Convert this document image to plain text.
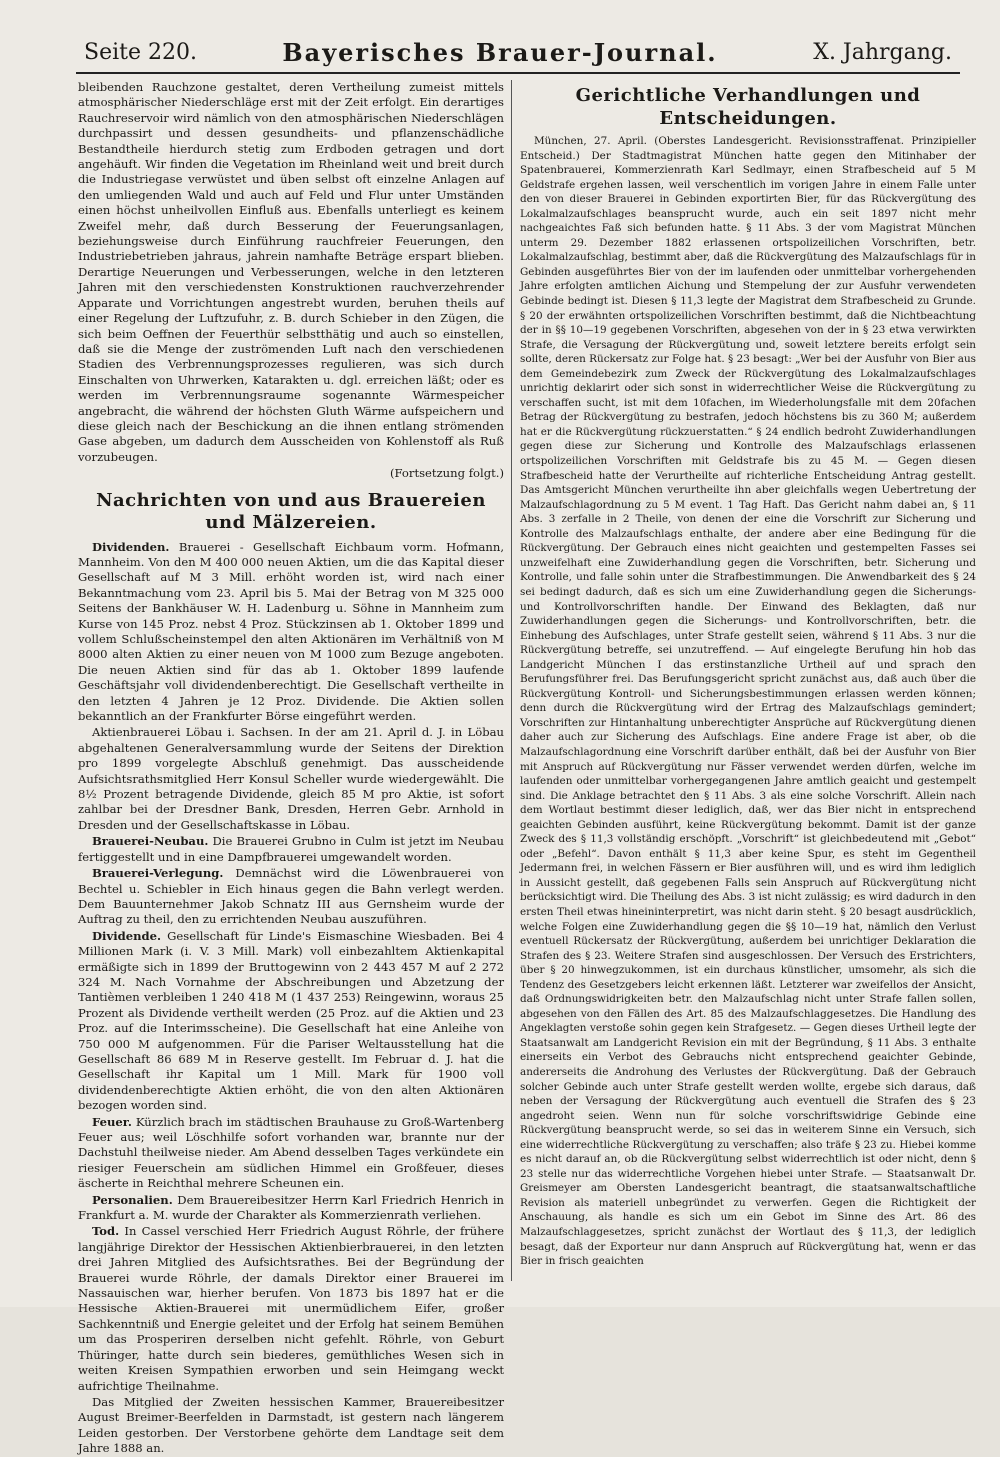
Seite 220.	Bayerisches Brauer-Journal.	X. Jahrgang.

bleibenden Rauchzone gestaltet, deren Vertheilung zumeist mittels atmosphärischer Niederschläge erst mit der Zeit erfolgt. Ein derartiges Rauchreservoir wird nämlich von den atmosphärischen Niederschlägen durchpassirt und dessen gesundheits- und pflanzenschädliche Bestandtheile hierdurch stetig zum Erdboden getragen und dort angehäuft. Wir finden die Vegetation im Rheinland weit und breit durch die Industriegase verwüstet und üben selbst oft einzelne Anlagen auf den umliegenden Wald und auch auf Feld und Flur unter Umständen einen höchst unheilvollen Einfluß aus. Ebenfalls unterliegt es keinem Zweifel mehr, daß durch Besserung der Feuerungsanlagen, beziehungsweise durch Einführung rauchfreier Feuerungen, den Industriebetrieben jahraus, jahrein namhafte Beträge erspart blieben. Derartige Neuerungen und Verbesserungen, welche in den letzteren Jahren mit den verschiedensten Konstruktionen rauchverzehrender Apparate und Vorrichtungen angestrebt wurden, beruhen theils auf einer Regelung der Luftzufuhr, z. B. durch Schieber in den Zügen, die sich beim Oeffnen der Feuerthür selbstthätig und auch so einstellen, daß sie die Menge der zuströmenden Luft nach den verschiedenen Stadien des Verbrennungsprozesses regulieren, was sich durch Einschalten von Uhrwerken, Katarakten u. dgl. erreichen läßt; oder es werden im Verbrennungsraume sogenannte Wärmespeicher angebracht, die während der höchsten Gluth Wärme aufspeichern und diese gleich nach der Beschickung an die ihnen entlang strömenden Gase abgeben, um dadurch dem Ausscheiden von Kohlenstoff als Ruß vorzubeugen.

(Fortsetzung folgt.)

Nachrichten von und aus Brauereien und Mälzereien.

Dividenden. Brauerei - Gesellschaft Eichbaum vorm. Hofmann, Mannheim. Von den M 400 000 neuen Aktien, um die das Kapital dieser Gesellschaft auf M 3 Mill. erhöht worden ist, wird nach einer Bekanntmachung vom 23. April bis 5. Mai der Betrag von M 325 000 Seitens der Bankhäuser W. H. Ladenburg u. Söhne in Mannheim zum Kurse von 145 Proz. nebst 4 Proz. Stückzinsen ab 1. Oktober 1899 und vollem Schlußscheinstempel den alten Aktionären im Verhältniß von M 8000 alten Aktien zu einer neuen von M 1000 zum Bezuge angeboten. Die neuen Aktien sind für das ab 1. Oktober 1899 laufende Geschäftsjahr voll dividendenberechtigt. Die Gesellschaft vertheilte in den letzten 4 Jahren je 12 Proz. Dividende. Die Aktien sollen bekanntlich an der Frankfurter Börse eingeführt werden.

Aktienbrauerei Löbau i. Sachsen. In der am 21. April d. J. in Löbau abgehaltenen Generalversammlung wurde der Seitens der Direktion pro 1899 vorgelegte Abschluß genehmigt. Das ausscheidende Aufsichtsrathsmitglied Herr Konsul Scheller wurde wiedergewählt. Die 8½ Prozent betragende Dividende, gleich 85 M pro Aktie, ist sofort zahlbar bei der Dresdner Bank, Dresden, Herren Gebr. Arnhold in Dresden und der Gesellschaftskasse in Löbau.

Brauerei-Neubau. Die Brauerei Grubno in Culm ist jetzt im Neubau fertiggestellt und in eine Dampfbrauerei umgewandelt worden.

Brauerei-Verlegung. Demnächst wird die Löwenbrauerei von Bechtel u. Schiebler in Eich hinaus gegen die Bahn verlegt werden. Dem Bauunternehmer Jakob Schnatz III aus Gernsheim wurde der Auftrag zu theil, den zu errichtenden Neubau auszuführen.

Dividende. Gesellschaft für Linde's Eismaschine Wiesbaden. Bei 4 Millionen Mark (i. V. 3 Mill. Mark) voll einbezahltem Aktienkapital ermäßigte sich in 1899 der Bruttogewinn von 2 443 457 M auf 2 272 324 M. Nach Vornahme der Abschreibungen und Abzetzung der Tantièmen verbleiben 1 240 418 M (1 437 253) Reingewinn, woraus 25 Prozent als Dividende vertheilt werden (25 Proz. auf die Aktien und 23 Proz. auf die Interimsscheine). Die Gesellschaft hat eine Anleihe von 750 000 M aufgenommen. Für die Pariser Weltausstellung hat die Gesellschaft 86 689 M in Reserve gestellt. Im Februar d. J. hat die Gesellschaft ihr Kapital um 1 Mill. Mark für 1900 voll dividendenberechtigte Aktien erhöht, die von den alten Aktionären bezogen worden sind.

Feuer. Kürzlich brach im städtischen Brauhause zu Groß-Wartenberg Feuer aus; weil Löschhilfe sofort vorhanden war, brannte nur der Dachstuhl theilweise nieder. Am Abend desselben Tages verkündete ein riesiger Feuerschein am südlichen Himmel ein Großfeuer, dieses äscherte in Reichthal mehrere Scheunen ein.

Personalien. Dem Brauereibesitzer Herrn Karl Friedrich Henrich in Frankfurt a. M. wurde der Charakter als Kommerzienrath verliehen.

Tod. In Cassel verschied Herr Friedrich August Röhrle, der frühere langjährige Direktor der Hessischen Aktienbierbrauerei, in den letzten drei Jahren Mitglied des Aufsichtsrathes. Bei der Begründung der Brauerei wurde Röhrle, der damals Direktor einer Brauerei im Nassauischen war, hierher berufen. Von 1873 bis 1897 hat er die Hessische Aktien-Brauerei mit unermüdlichem Eifer, großer Sachkenntniß und Energie geleitet und der Erfolg hat seinem Bemühen um das Prosperiren derselben nicht gefehlt. Röhrle, von Geburt Thüringer, hatte durch sein biederes, gemüthliches Wesen sich in weiten Kreisen Sympathien erworben und sein Heimgang weckt aufrichtige Theilnahme.

Das Mitglied der Zweiten hessischen Kammer, Brauereibesitzer August Breimer-Beerfelden in Darmstadt, ist gestern nach längerem Leiden gestorben. Der Verstorbene gehörte dem Landtage seit dem Jahre 1888 an.

Gerichtliche Verhandlungen und Entscheidungen.

München, 27. April. (Oberstes Landesgericht. Revisionsstraffenat. Prinzipieller Entscheid.) Der Stadtmagistrat München hatte gegen den Mitinhaber der Spatenbrauerei, Kommerzienrath Karl Sedlmayr, einen Strafbescheid auf 5 M Geldstrafe ergehen lassen, weil verschentlich im vorigen Jahre in einem Falle unter den von dieser Brauerei in Gebinden exportirten Bier, für das Rückvergütung des Lokalmalzaufschlages beansprucht wurde, auch ein seit 1897 nicht mehr nachgeaichtes Faß sich befunden hatte. § 11 Abs. 3 der vom Magistrat München unterm 29. Dezember 1882 erlassenen ortspolizeilichen Vorschriften, betr. Lokalmalzaufschlag, bestimmt aber, daß die Rückvergütung des Malzaufschlags für in Gebinden ausgeführtes Bier von der im laufenden oder unmittelbar vorhergehenden Jahre erfolgten amtlichen Aichung und Stempelung der zur Ausfuhr verwendeten Gebinde bedingt ist. Diesen § 11,3 legte der Magistrat dem Strafbescheid zu Grunde. § 20 der erwähnten ortspolizeilichen Vorschriften bestimmt, daß die Nichtbeachtung der in §§ 10—19 gegebenen Vorschriften, abgesehen von der in § 23 etwa verwirkten Strafe, die Versagung der Rückvergütung und, soweit letztere bereits erfolgt sein sollte, deren Rückersatz zur Folge hat. § 23 besagt: „Wer bei der Ausfuhr von Bier aus dem Gemeindebezirk zum Zweck der Rückvergütung des Lokalmalzaufschlages unrichtig deklarirt oder sich sonst in widerrechtlicher Weise die Rückvergütung zu verschaffen sucht, ist mit dem 10fachen, im Wiederholungsfalle mit dem 20fachen Betrag der Rückvergütung zu bestrafen, jedoch höchstens bis zu 360 M; außerdem hat er die Rückvergütung rückzuerstatten.“ § 24 endlich bedroht Zuwiderhandlungen gegen diese zur Sicherung und Kontrolle des Malzaufschlags erlassenen ortspolizeilichen Vorschriften mit Geldstrafe bis zu 45 M. — Gegen diesen Strafbescheid hatte der Verurtheilte auf richterliche Entscheidung Antrag gestellt. Das Amtsgericht München verurtheilte ihn aber gleichfalls wegen Uebertretung der Malzaufschlagordnung zu 5 M event. 1 Tag Haft. Das Gericht nahm dabei an, § 11 Abs. 3 zerfalle in 2 Theile, von denen der eine die Vorschrift zur Sicherung und Kontrolle des Malzaufschlags enthalte, der andere aber eine Bedingung für die Rückvergütung. Der Gebrauch eines nicht geaichten und gestempelten Fasses sei unzweifelhaft eine Zuwiderhandlung gegen die Vorschriften, betr. Sicherung und Kontrolle, und falle sohin unter die Strafbestimmungen. Die Anwendbarkeit des § 24 sei bedingt dadurch, daß es sich um eine Zuwiderhandlung gegen die Sicherungs- und Kontrollvorschriften handle. Der Einwand des Beklagten, daß nur Zuwiderhandlungen gegen die Sicherungs- und Kontrollvorschriften, betr. die Einhebung des Aufschlages, unter Strafe gestellt seien, während § 11 Abs. 3 nur die Rückvergütung betreffe, sei unzutreffend. — Auf eingelegte Berufung hin hob das Landgericht München I das erstinstanzliche Urtheil auf und sprach den Berufungsführer frei. Das Berufungsgericht spricht zunächst aus, daß auch über die Rückvergütung Kontroll- und Sicherungsbestimmungen erlassen werden können; denn durch die Rückvergütung wird der Ertrag des Malzaufschlags gemindert; Vorschriften zur Hintanhaltung unberechtigter Ansprüche auf Rückvergütung dienen daher auch zur Sicherung des Aufschlags. Eine andere Frage ist aber, ob die Malzaufschlagordnung eine Vorschrift darüber enthält, daß bei der Ausfuhr von Bier mit Anspruch auf Rückvergütung nur Fässer verwendet werden dürfen, welche im laufenden oder unmittelbar vorhergegangenen Jahre amtlich geaicht und gestempelt sind. Die Anklage betrachtet den § 11 Abs. 3 als eine solche Vorschrift. Allein nach dem Wortlaut bestimmt dieser lediglich, daß, wer das Bier nicht in entsprechend geaichten Gebinden ausführt, keine Rückvergütung bekommt. Damit ist der ganze Zweck des § 11,3 vollständig erschöpft. „Vorschrift“ ist gleichbedeutend mit „Gebot“ oder „Befehl“. Davon enthält § 11,3 aber keine Spur, es steht im Gegentheil Jedermann frei, in welchen Fässern er Bier ausführen will, und es wird ihm lediglich in Aussicht gestellt, daß gegebenen Falls sein Anspruch auf Rückvergütung nicht berücksichtigt wird. Die Theilung des Abs. 3 ist nicht zulässig; es wird dadurch in den ersten Theil etwas hineininterpretirt, was nicht darin steht. § 20 besagt ausdrücklich, welche Folgen eine Zuwiderhandlung gegen die §§ 10—19 hat, nämlich den Verlust eventuell Rückersatz der Rückvergütung, außerdem bei unrichtiger Deklaration die Strafen des § 23. Weitere Strafen sind ausgeschlossen. Der Versuch des Erstrichters, über § 20 hinwegzukommen, ist ein durchaus künstlicher, umsomehr, als sich die Tendenz des Gesetzgebers leicht erkennen läßt. Letzterer war zweifellos der Ansicht, daß Ordnungswidrigkeiten betr. den Malzaufschlag nicht unter Strafe fallen sollen, abgesehen von den Fällen des Art. 85 des Malzaufschlaggesetzes. Die Handlung des Angeklagten verstoße sohin gegen kein Strafgesetz. — Gegen dieses Urtheil legte der Staatsanwalt am Landgericht Revision ein mit der Begründung, § 11 Abs. 3 enthalte einerseits ein Verbot des Gebrauchs nicht entsprechend geaichter Gebinde, andererseits die Androhung des Verlustes der Rückvergütung. Daß der Gebrauch solcher Gebinde auch unter Strafe gestellt werden wollte, ergebe sich daraus, daß neben der Versagung der Rückvergütung auch eventuell die Strafen des § 23 angedroht seien. Wenn nun für solche vorschriftswidrige Gebinde eine Rückvergütung beansprucht werde, so sei das in weiterem Sinne ein Versuch, sich eine widerrechtliche Rückvergütung zu verschaffen; also träfe § 23 zu. Hiebei komme es nicht darauf an, ob die Rückvergütung selbst widerrechtlich ist oder nicht, denn § 23 stelle nur das widerrechtliche Vorgehen hiebei unter Strafe. — Staatsanwalt Dr. Greismeyer am Obersten Landesgericht beantragt, die staatsanwaltschaftliche Revision als materiell unbegründet zu verwerfen. Gegen die Richtigkeit der Anschauung, als handle es sich um ein Gebot im Sinne des Art. 86 des Malzaufschlaggesetzes, spricht zunächst der Wortlaut des § 11,3, der lediglich besagt, daß der Exporteur nur dann Anspruch auf Rückvergütung hat, wenn er das Bier in frisch geaichten
